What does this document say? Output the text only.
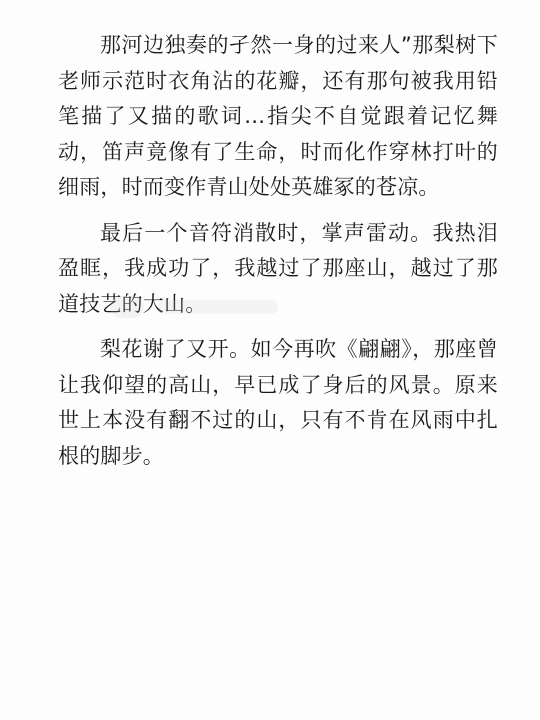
那河边独奏的孑然一身的过来人”那梨树下老师示范时衣角沾的花瓣，还有那句被我用铅笔描了又描的歌词…指尖不自觉跟着记忆舞动，笛声竟像有了生命，时而化作穿林打叶的细雨，时而变作青山处处英雄冢的苍凉。

最后一个音符消散时，掌声雷动。我热泪盈眶，我成功了，我越过了那座山，越过了那道技艺的大山。

梨花谢了又开。如今再吹《翩翩》，那座曾让我仰望的高山，早已成了身后的风景。原来世上本没有翻不过的山，只有不肯在风雨中扎根的脚步。
